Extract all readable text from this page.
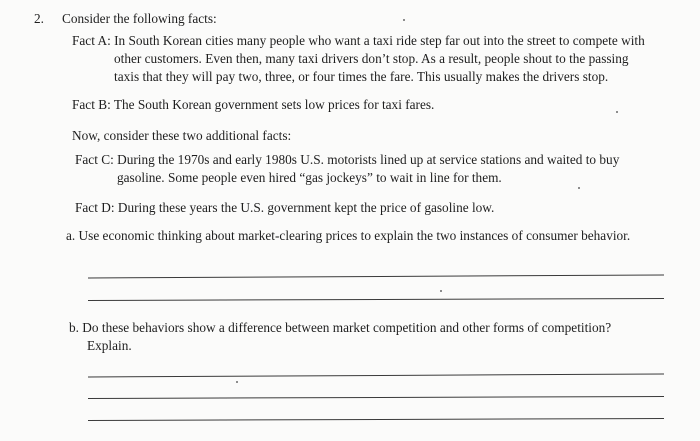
2. Consider the following facts:
Fact A: In South Korean cities many people who want a taxi ride step far out into the street to compete with
other customers. Even then, many taxi drivers don’t stop. As a result, people shout to the passing
taxis that they will pay two, three, or four times the fare. This usually makes the drivers stop.
Fact B: The South Korean government sets low prices for taxi fares.
Now, consider these two additional facts:
Fact C: During the 1970s and early 1980s U.S. motorists lined up at service stations and waited to buy
gasoline. Some people even hired “gas jockeys” to wait in line for them.
Fact D: During these years the U.S. government kept the price of gasoline low.
a. Use economic thinking about market-clearing prices to explain the two instances of consumer behavior.
b. Do these behaviors show a difference between market competition and other forms of competition?
Explain.
